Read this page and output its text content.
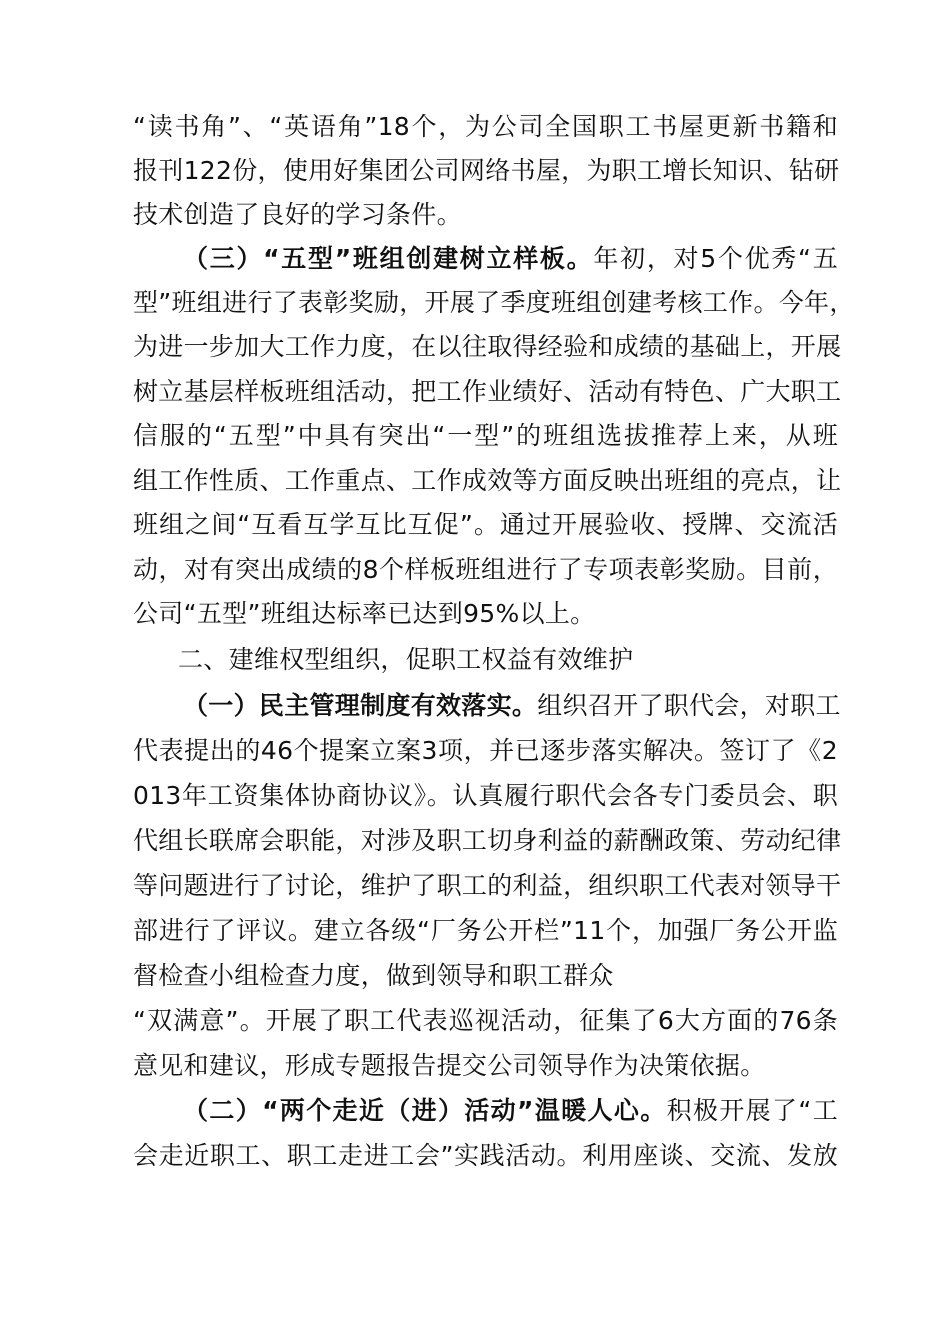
“读书角”、“英语角”18个，为公司全国职工书屋更新书籍和
报刊122份，使用好集团公司网络书屋，为职工增长知识、钻研
技术创造了良好的学习条件。
（三）“五型”班组创建树立样板。年初，对5个优秀“五
型”班组进行了表彰奖励，开展了季度班组创建考核工作。今年，
为进一步加大工作力度，在以往取得经验和成绩的基础上，开展
树立基层样板班组活动，把工作业绩好、活动有特色、广大职工
信服的“五型”中具有突出“一型”的班组选拔推荐上来，从班
组工作性质、工作重点、工作成效等方面反映出班组的亮点，让
班组之间“互看互学互比互促”。通过开展验收、授牌、交流活
动，对有突出成绩的8个样板班组进行了专项表彰奖励。目前，
公司“五型”班组达标率已达到95%以上。
二、建维权型组织，促职工权益有效维护
（一）民主管理制度有效落实。组织召开了职代会，对职工
代表提出的46个提案立案3项，并已逐步落实解决。签订了《2
013年工资集体协商协议》。认真履行职代会各专门委员会、职
代组长联席会职能，对涉及职工切身利益的薪酬政策、劳动纪律
等问题进行了讨论，维护了职工的利益，组织职工代表对领导干
部进行了评议。建立各级“厂务公开栏”11个，加强厂务公开监
督检查小组检查力度，做到领导和职工群众
“双满意”。开展了职工代表巡视活动，征集了6大方面的76条
意见和建议，形成专题报告提交公司领导作为决策依据。
（二）“两个走近（进）活动”温暖人心。积极开展了“工
会走近职工、职工走进工会”实践活动。利用座谈、交流、发放
